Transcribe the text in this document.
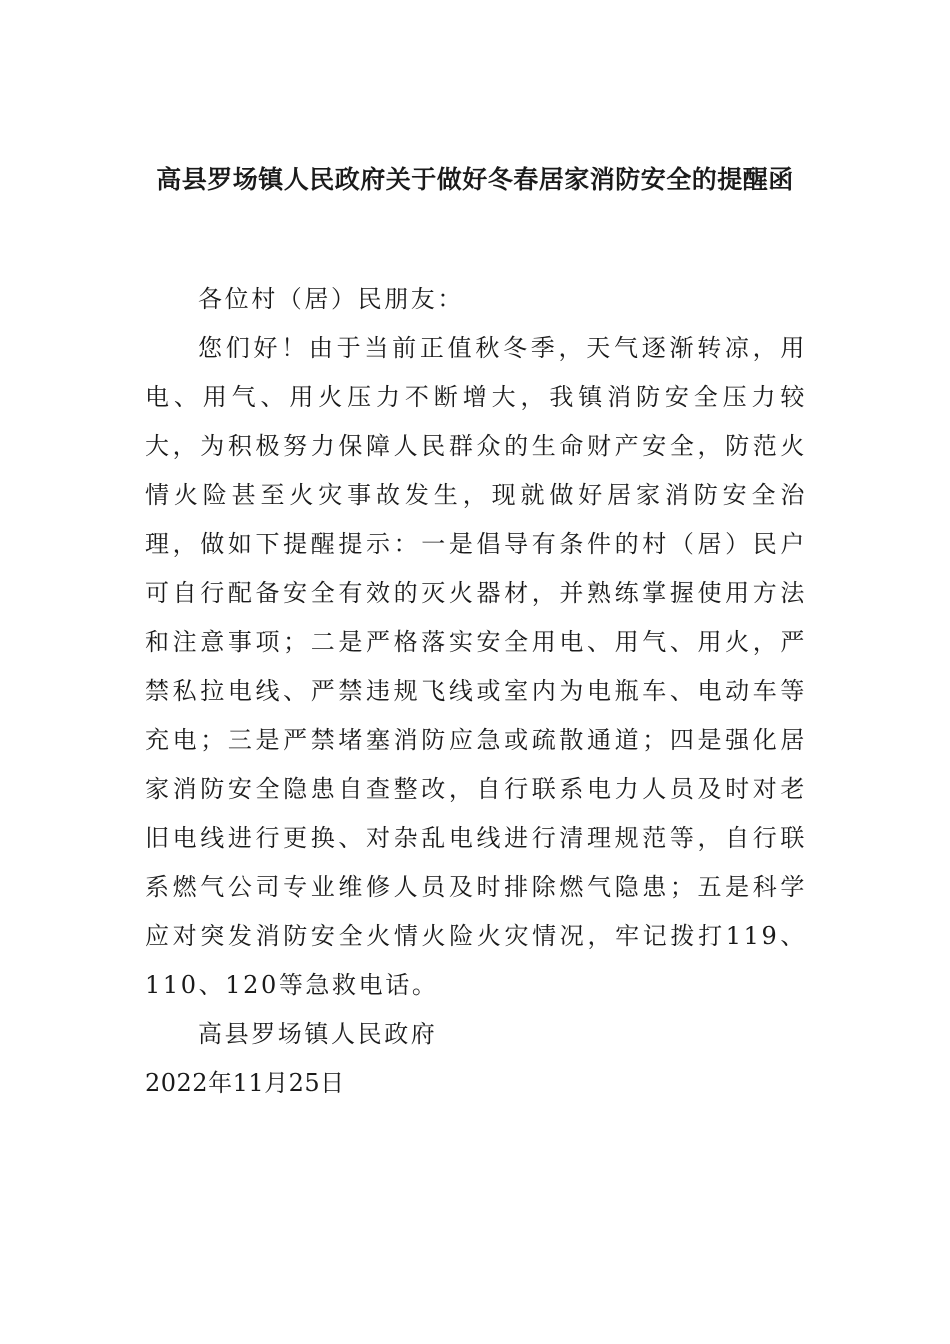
高县罗场镇人民政府关于做好冬春居家消防安全的提醒函

各位村（居）民朋友：

您们好！由于当前正值秋冬季，天气逐渐转凉，用电、用气、用火压力不断增大，我镇消防安全压力较大，为积极努力保障人民群众的生命财产安全，防范火情火险甚至火灾事故发生，现就做好居家消防安全治理，做如下提醒提示：一是倡导有条件的村（居）民户可自行配备安全有效的灭火器材，并熟练掌握使用方法和注意事项；二是严格落实安全用电、用气、用火，严禁私拉电线、严禁违规飞线或室内为电瓶车、电动车等充电；三是严禁堵塞消防应急或疏散通道；四是强化居家消防安全隐患自查整改，自行联系电力人员及时对老旧电线进行更换、对杂乱电线进行清理规范等，自行联系燃气公司专业维修人员及时排除燃气隐患；五是科学应对突发消防安全火情火险火灾情况，牢记拨打119、110、120等急救电话。

高县罗场镇人民政府

2022年11月25日
